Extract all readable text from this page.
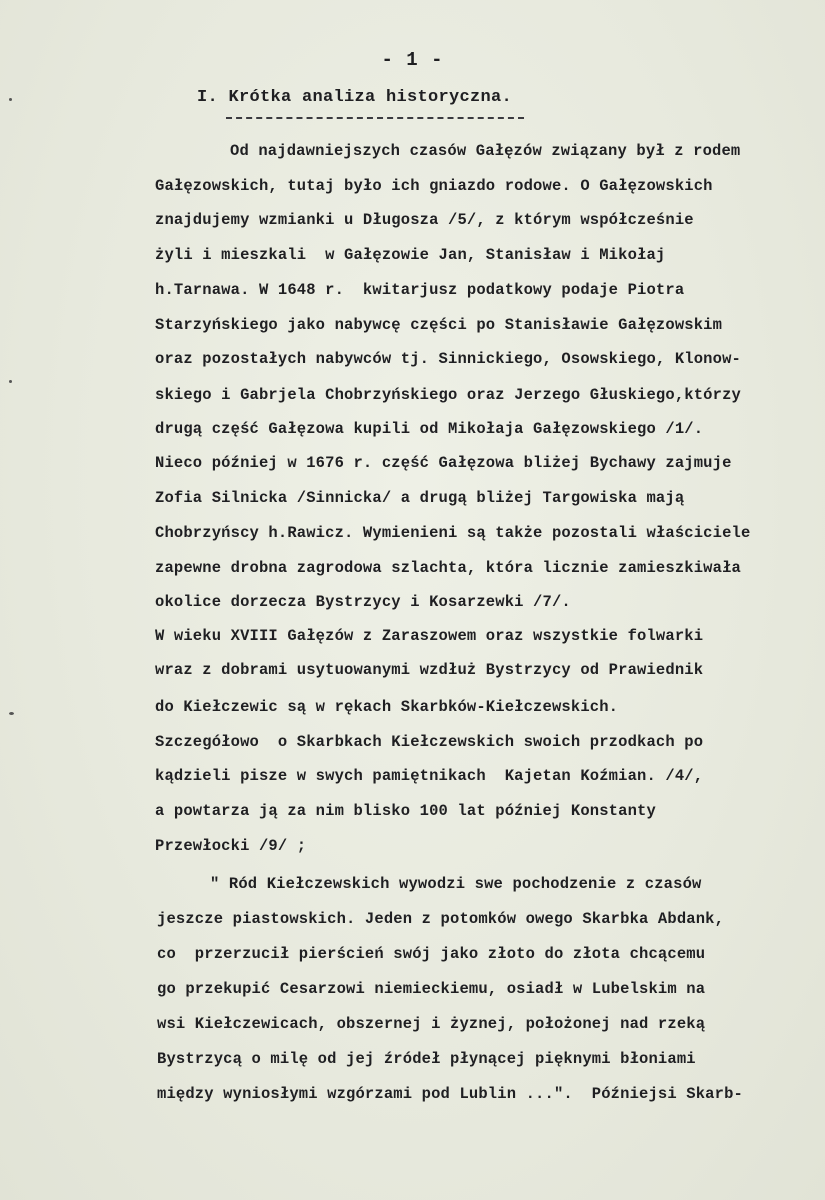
- 1 -
I. Krótka analiza historyczna.
Od najdawniejszych czasów Gałęzów związany był z rodem
Gałęzowskich, tutaj było ich gniazdo rodowe. O Gałęzowskich
znajdujemy wzmianki u Długosza /5/, z którym współcześnie
żyli i mieszkali  w Gałęzowie Jan, Stanisław i Mikołaj
h.Tarnawa. W 1648 r.  kwitarjusz podatkowy podaje Piotra
Starzyńskiego jako nabywcę części po Stanisławie Gałęzowskim
oraz pozostałych nabywców tj. Sinnickiego, Osowskiego, Klonow-
skiego i Gabrjela Chobrzyńskiego oraz Jerzego Głuskiego,którzy
drugą część Gałęzowa kupili od Mikołaja Gałęzowskiego /1/.
Nieco później w 1676 r. część Gałęzowa bliżej Bychawy zajmuje
Zofia Silnicka /Sinnicka/ a drugą bliżej Targowiska mają
Chobrzyńscy h.Rawicz. Wymienieni są także pozostali właściciele
zapewne drobna zagrodowa szlachta, która licznie zamieszkiwała
okolice dorzecza Bystrzycy i Kosarzewki /7/.
W wieku XVIII Gałęzów z Zaraszowem oraz wszystkie folwarki
wraz z dobrami usytuowanymi wzdłuż Bystrzycy od Prawiednik
do Kiełczewic są w rękach Skarbków-Kiełczewskich.
Szczegółowo  o Skarbkach Kiełczewskich swoich przodkach po
kądzieli pisze w swych pamiętnikach  Kajetan Koźmian. /4/,
a powtarza ją za nim blisko 100 lat później Konstanty
Przewłocki /9/ ;
" Ród Kiełczewskich wywodzi swe pochodzenie z czasów
jeszcze piastowskich. Jeden z potomków owego Skarbka Abdank,
co  przerzucił pierścień swój jako złoto do złota chcącemu
go przekupić Cesarzowi niemieckiemu, osiadł w Lubelskim na
wsi Kiełczewicach, obszernej i żyznej, położonej nad rzeką
Bystrzycą o milę od jej źródeł płynącej pięknymi błoniami
między wyniosłymi wzgórzami pod Lublin ...".  Późniejsi Skarb-
